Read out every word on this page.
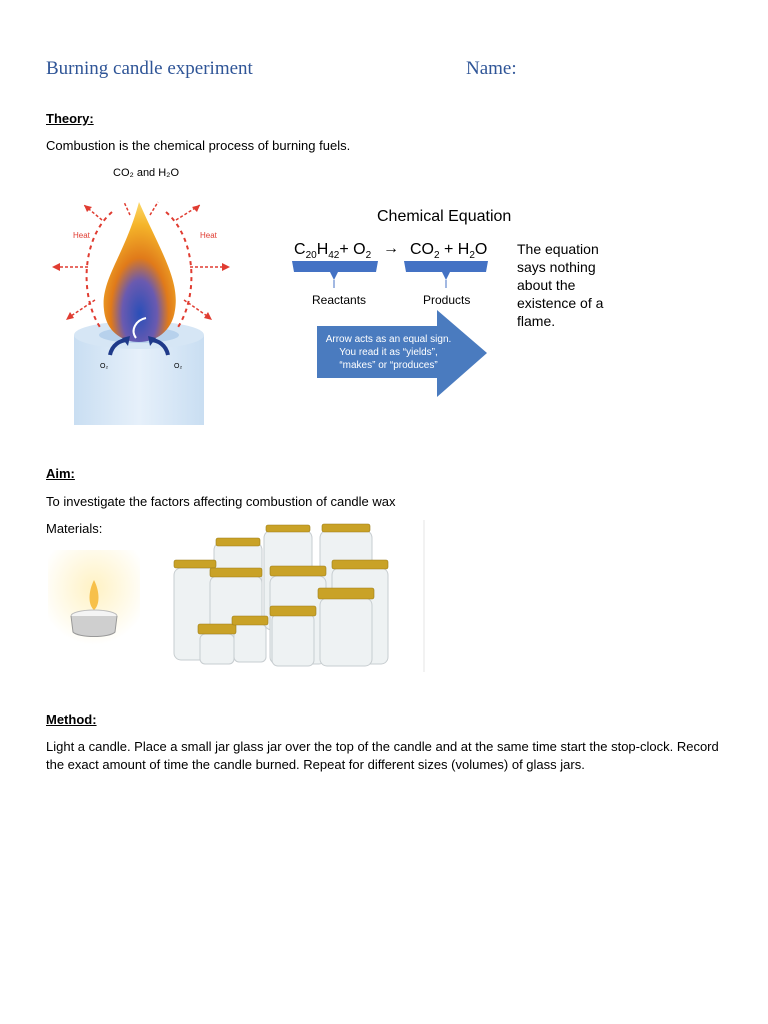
Burning candle experiment	Name:
Theory:
Combustion is the chemical process of burning fuels.
CO₂ and H₂O
Heat	Heat
O₂	O₂
Chemical Equation
$C_{20}H_{42}+ O_2 \to CO_2 + H_2O$
Reactants	Products
Arrow acts as an equal sign.
You read it as “yields”,
“makes” or “produces”
The equation says nothing about the existence of a flame.
Aim:
To investigate the factors affecting combustion of candle wax
Materials:
Method:
Light a candle. Place a small jar glass jar over the top of the candle and at the same time start the stop-clock. Record the exact amount of time the candle burned. Repeat for different sizes (volumes) of glass jars.
